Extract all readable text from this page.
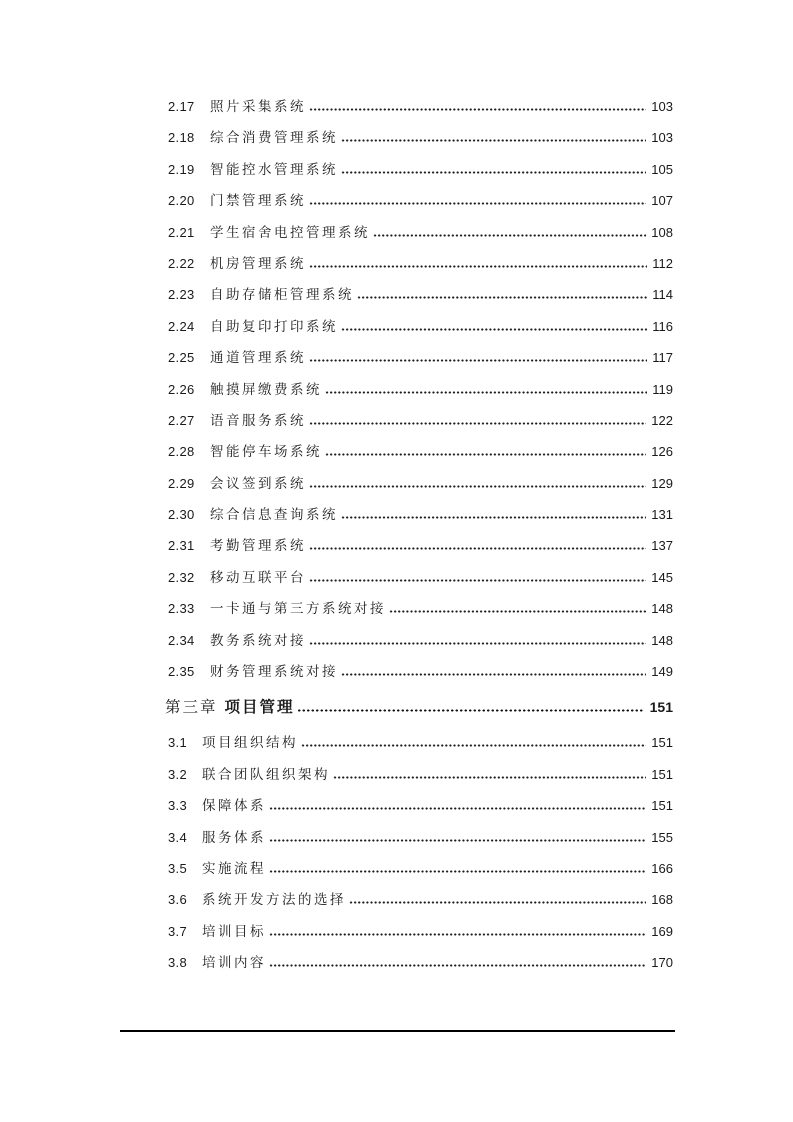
2.17	照片采集系统	103
2.18	综合消费管理系统	103
2.19	智能控水管理系统	105
2.20	门禁管理系统	107
2.21	学生宿舍电控管理系统	108
2.22	机房管理系统	112
2.23	自助存储柜管理系统	114
2.24	自助复印打印系统	116
2.25	通道管理系统	117
2.26	触摸屏缴费系统	119
2.27	语音服务系统	122
2.28	智能停车场系统	126
2.29	会议签到系统	129
2.30	综合信息查询系统	131
2.31	考勤管理系统	137
2.32	移动互联平台	145
2.33	一卡通与第三方系统对接	148
2.34	教务系统对接	148
2.35	财务管理系统对接	149
第三章 项目管理	151
3.1	项目组织结构	151
3.2	联合团队组织架构	151
3.3	保障体系	151
3.4	服务体系	155
3.5	实施流程	166
3.6	系统开发方法的选择	168
3.7	培训目标	169
3.8	培训内容	170
